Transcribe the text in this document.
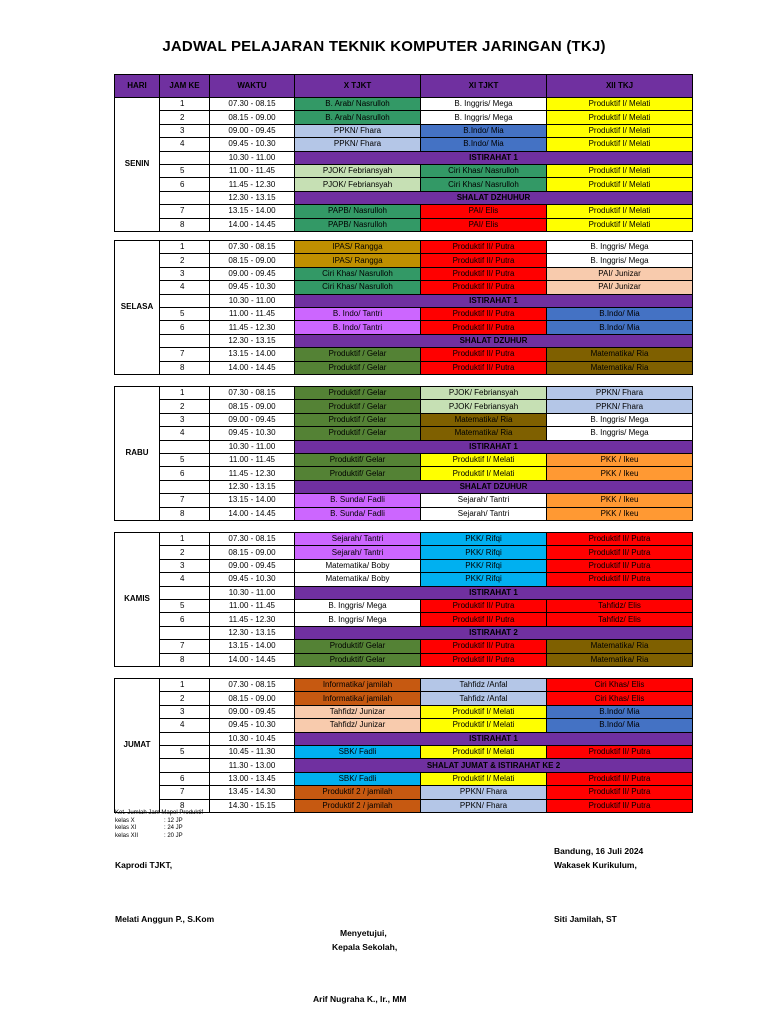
JADWAL PELAJARAN TEKNIK KOMPUTER JARINGAN (TKJ)
HARI	JAM KE	WAKTU	X TJKT	XI TJKT	XII TKJ
SENIN	1	07.30 - 08.15	B. Arab/ Nasrulloh	B. Inggris/ Mega	Produktif I/ Melati
	2	08.15 - 09.00	B. Arab/ Nasrulloh	B. Inggris/ Mega	Produktif I/ Melati
	3	09.00 - 09.45	PPKN/ Fhara	B.Indo/ Mia	Produktif I/ Melati
	4	09.45 - 10.30	PPKN/ Fhara	B.Indo/ Mia	Produktif I/ Melati
		10.30 - 11.00	ISTIRAHAT 1		
	5	11.00 - 11.45	PJOK/ Febriansyah	Ciri Khas/ Nasrulloh	Produktif I/ Melati
	6	11.45 - 12.30	PJOK/ Febriansyah	Ciri Khas/ Nasrulloh	Produktif I/ Melati
		12.30 - 13.15	SHALAT DZHUHUR		
	7	13.15 - 14.00	PAPB/ Nasrulloh	PAI/ Elis	Produktif I/ Melati
	8	14.00 - 14.45	PAPB/ Nasrulloh	PAI/ Elis	Produktif I/ Melati
SELASA	1	07.30 - 08.15	IPAS/ Rangga	Produktif II/ Putra	B. Inggris/ Mega
	2	08.15 - 09.00	IPAS/ Rangga	Produktif II/ Putra	B. Inggris/ Mega
	3	09.00 - 09.45	Ciri Khas/ Nasrulloh	Produktif II/ Putra	PAI/ Junizar
	4	09.45 - 10.30	Ciri Khas/ Nasrulloh	Produktif II/ Putra	PAI/ Junizar
		10.30 - 11.00	ISTIRAHAT 1		
	5	11.00 - 11.45	B. Indo/ Tantri	Produktif II/ Putra	B.Indo/ Mia
	6	11.45 - 12.30	B. Indo/ Tantri	Produktif II/ Putra	B.Indo/ Mia
		12.30 - 13.15	SHALAT DZUHUR		
	7	13.15 - 14.00	Produktif / Gelar	Produktif II/ Putra	Matematika/ Ria
	8	14.00 - 14.45	Produktif / Gelar	Produktif II/ Putra	Matematika/ Ria
RABU	1	07.30 - 08.15	Produktif / Gelar	PJOK/ Febriansyah	PPKN/ Fhara
	2	08.15 - 09.00	Produktif / Gelar	PJOK/ Febriansyah	PPKN/ Fhara
	3	09.00 - 09.45	Produktif / Gelar	Matematika/ Ria	B. Inggris/ Mega
	4	09.45 - 10.30	Produktif / Gelar	Matematika/ Ria	B. Inggris/ Mega
		10.30 - 11.00	ISTIRAHAT 1		
	5	11.00 - 11.45	Produktif/ Gelar	Produktif I/ Melati	PKK / Ikeu
	6	11.45 - 12.30	Produktif/ Gelar	Produktif I/ Melati	PKK / Ikeu
		12.30 - 13.15	SHALAT DZUHUR		
	7	13.15 - 14.00	B. Sunda/ Fadli	Sejarah/ Tantri	PKK / Ikeu
	8	14.00 - 14.45	B. Sunda/ Fadli	Sejarah/ Tantri	PKK / Ikeu
KAMIS	1	07.30 - 08.15	Sejarah/ Tantri	PKK/ Rifqi	Produktif II/ Putra
	2	08.15 - 09.00	Sejarah/ Tantri	PKK/ Rifqi	Produktif II/ Putra
	3	09.00 - 09.45	Matematika/ Boby	PKK/ Rifqi	Produktif II/ Putra
	4	09.45 - 10.30	Matematika/ Boby	PKK/ Rifqi	Produktif II/ Putra
		10.30 - 11.00	ISTIRAHAT 1		
	5	11.00 - 11.45	B. Inggris/ Mega	Produktif II/ Putra	Tahfidz/ Elis
	6	11.45 - 12.30	B. Inggris/ Mega	Produktif II/ Putra	Tahfidz/ Elis
		12.30 - 13.15	ISTIRAHAT 2		
	7	13.15 - 14.00	Produktif/ Gelar	Produktif II/ Putra	Matematika/ Ria
	8	14.00 - 14.45	Produktif/ Gelar	Produktif II/ Putra	Matematika/ Ria
JUMAT	1	07.30 - 08.15	Informatika/ jamilah	Tahfidz /Anfal	Ciri Khas/ Elis
	2	08.15 - 09.00	Informatika/ jamilah	Tahfidz /Anfal	Ciri Khas/ Elis
	3	09.00 - 09.45	Tahfidz/ Junizar	Produktif I/ Melati	B.Indo/ Mia
	4	09.45 - 10.30	Tahfidz/ Junizar	Produktif I/ Melati	B.Indo/ Mia
		10.30 - 10.45	ISTIRAHAT 1		
	5	10.45 - 11.30	SBK/ Fadli	Produktif I/ Melati	Produktif II/ Putra
		11.30 - 13.00	SHALAT JUMAT & ISTIRAHAT KE 2		
	6	13.00 - 13.45	SBK/ Fadli	Produktif I/ Melati	Produktif II/ Putra
	7	13.45 - 14.30	Produktif 2 / jamilah	PPKN/ Fhara	Produktif II/ Putra
	8	14.30 - 15.15	Produktif 2 / jamilah	PPKN/ Fhara	Produktif II/ Putra
Ket. Jumlah Jam Mapel Produktif
kelas X	: 12 JP
kelas XI	: 24 JP
kelas XII	: 20 JP
Bandung, 16 Juli 2024
Kaprodi TJKT,	Wakasek Kurikulum,
Melati Anggun P., S.Kom	Siti Jamilah, ST
Menyetujui,
Kepala Sekolah,
Arif Nugraha K., Ir., MM
